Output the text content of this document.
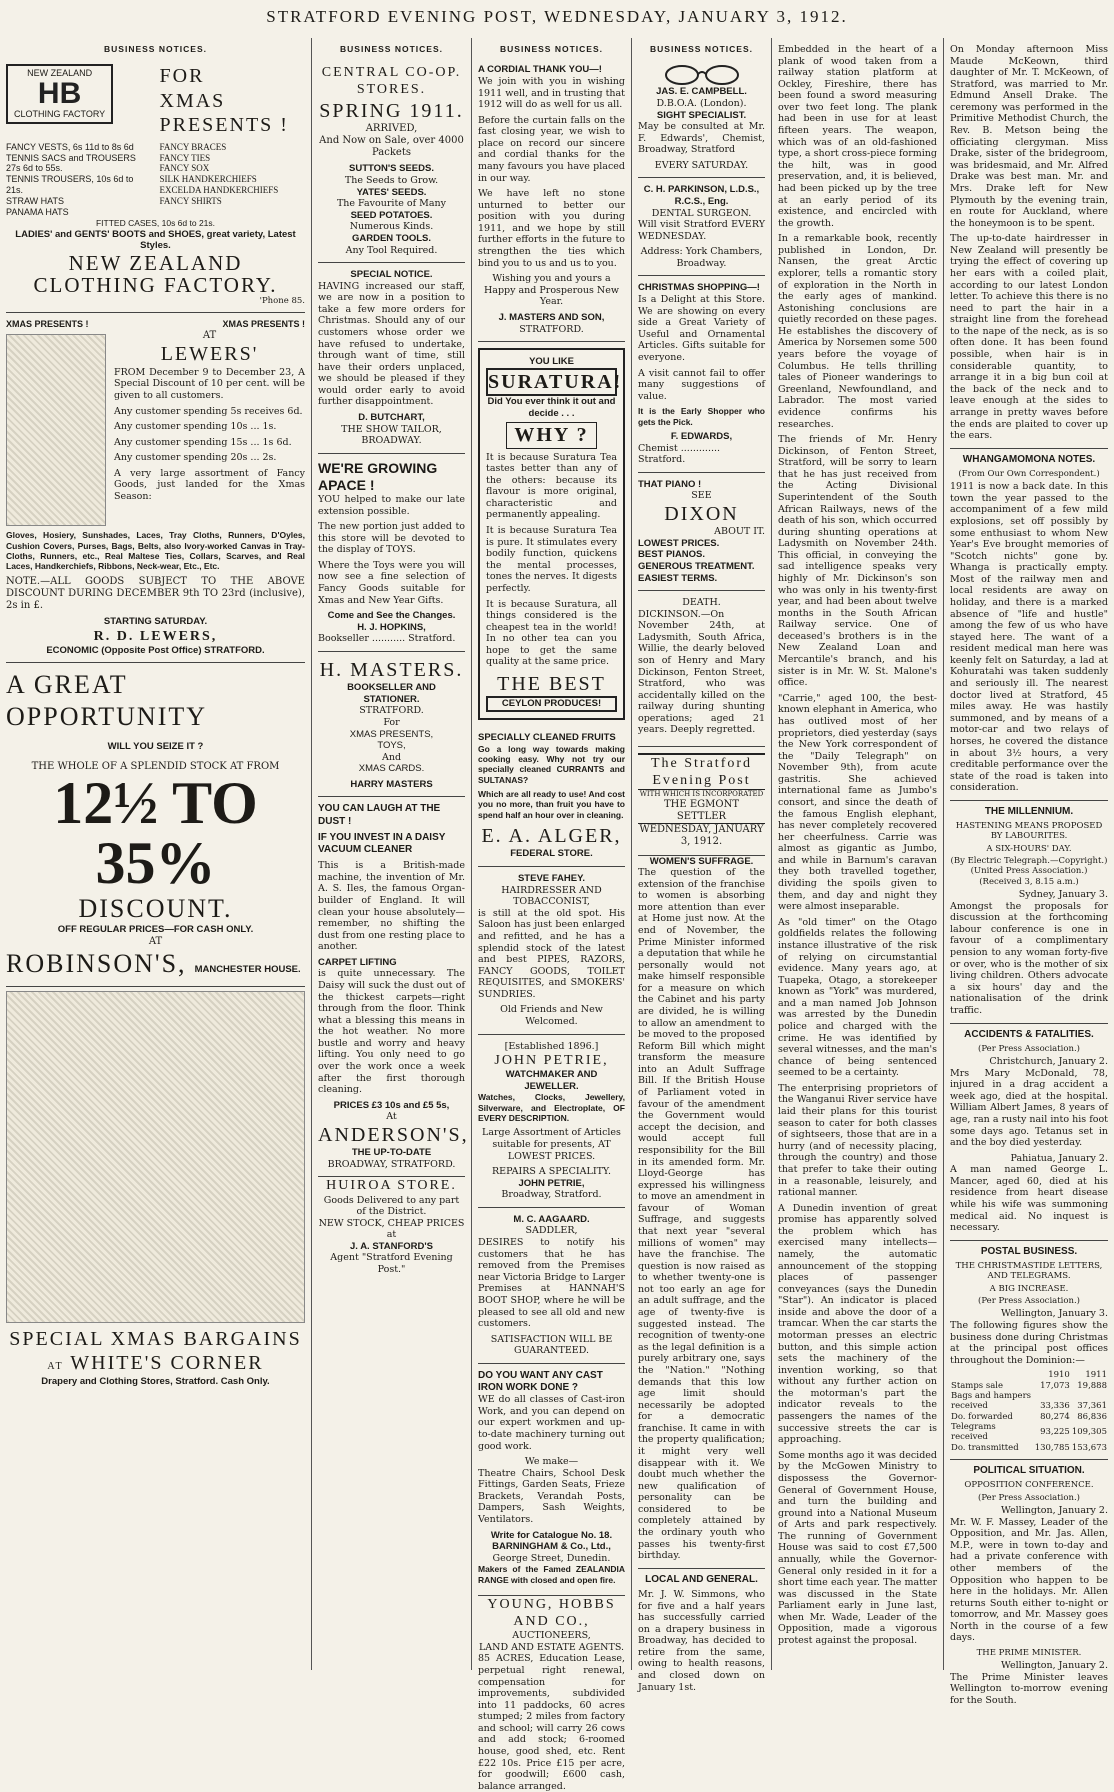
STRATFORD EVENING POST, WEDNESDAY, JANUARY 3, 1912.
BUSINESS NOTICES.
NEW ZEALAND
HB
CLOTHING FACTORY
FOR
XMAS
PRESENTS !
FANCY VESTS, 6s 11d to 8s 6d
TENNIS SACS and TROUSERS 27s 6d to 55s.
TENNIS TROUSERS, 10s 6d to 21s.
STRAW HATS
PANAMA HATS
FANCY BRACES
FANCY TIES
FANCY SOX
SILK HANDKERCHIEFS
EXCELDA HANDKERCHIEFS
FANCY SHIRTS
FITTED CASES, 10s 6d to 21s.
LADIES' and GENTS' BOOTS and SHOES, great variety, Latest Styles.
NEW ZEALAND CLOTHING FACTORY.
'Phone 85.
XMAS PRESENTS !	XMAS PRESENTS !
AT
LEWERS'

FROM December 9 to December 23, A Special Discount of 10 per cent. will be given to all customers.

Any customer spending 5s receives 6d.

Any customer spending 10s ... 1s.

Any customer spending 15s ... 1s 6d.

Any customer spending 20s ... 2s.

A very large assortment of Fancy Goods, just landed for the Xmas Season:

Gloves, Hosiery, Sunshades, Laces, Tray Cloths, Runners, D'Oyles, Cushion Covers, Purses, Bags, Belts, also Ivory-worked Canvas in Tray-Cloths, Runners, etc., Real Maltese Ties, Collars, Scarves, and Real Laces, Handkerchiefs, Ribbons, Neck-wear, Etc., Etc.

NOTE.—ALL GOODS SUBJECT TO THE ABOVE DISCOUNT DURING DECEMBER 9th TO 23rd (inclusive), 2s in £.

STARTING SATURDAY.
R. D. LEWERS,
ECONOMIC (Opposite Post Office) STRATFORD.
A GREAT
OPPORTUNITY
WILL YOU SEIZE IT ?
THE WHOLE OF A SPLENDID STOCK AT FROM
12½ TO 35%
DISCOUNT.
OFF REGULAR PRICES—FOR CASH ONLY.
AT
ROBINSON'S, MANCHESTER HOUSE.
SPECIAL XMAS BARGAINS
AT WHITE'S CORNER
Drapery and Clothing Stores, Stratford. Cash Only.
BUSINESS NOTICES.
CENTRAL CO-OP. STORES.
SPRING 1911.
ARRIVED,
And Now on Sale, over 4000 Packets
SUTTON'S SEEDS.
The Seeds to Grow.
YATES' SEEDS.
The Favourite of Many
SEED POTATOES.
Numerous Kinds.
GARDEN TOOLS.
Any Tool Required.
SPECIAL NOTICE.

HAVING increased our staff, we are now in a position to take a few more orders for Christmas. Should any of our customers whose order we have refused to undertake, through want of time, still have their orders unplaced, we should be pleased if they would order early to avoid further disappointment.

D. BUTCHART,
THE SHOW TAILOR,
BROADWAY.
WE'RE GROWING
APACE !

YOU helped to make our late extension possible.

The new portion just added to this store will be devoted to the display of TOYS.

Where the Toys were you will now see a fine selection of Fancy Goods suitable for Xmas and New Year Gifts.

Come and See the Changes.
H. J. HOPKINS,
Bookseller ........... Stratford.
H. MASTERS.
BOOKSELLER AND STATIONER.
STRATFORD.
For
XMAS PRESENTS,
TOYS,
And
XMAS CARDS.
HARRY MASTERS
YOU CAN LAUGH AT THE DUST !
IF YOU INVEST IN A DAISY VACUUM CLEANER

This is a British-made machine, the invention of Mr. A. S. Iles, the famous Organ-builder of England. It will clean your house absolutely—remember, no shifting the dust from one resting place to another.

CARPET LIFTING

is quite unnecessary. The Daisy will suck the dust out of the thickest carpets—right through from the floor. Think what a blessing this means in the hot weather. No more bustle and worry and heavy lifting. You only need to go over the work once a week after the first thorough cleaning.

PRICES £3 10s and £5 5s,
At
ANDERSON'S,
THE UP-TO-DATE
BROADWAY, STRATFORD.
HUIROA STORE.
Goods Delivered to any part of the District.
NEW STOCK, CHEAP PRICES at
J. A. STANFORD'S
Agent "Stratford Evening Post."
BUSINESS NOTICES.
A CORDIAL THANK YOU—!

We join with you in wishing 1911 well, and in trusting that 1912 will do as well for us all.

Before the curtain falls on the fast closing year, we wish to place on record our sincere and cordial thanks for the many favours you have placed in our way.

We have left no stone unturned to better our position with you during 1911, and we hope by still further efforts in the future to strengthen the ties which bind you to us and us to you.

Wishing you and yours a Happy and Prosperous New Year.

J. MASTERS AND SON,
STRATFORD.
YOU LIKE
SURATURA!
Did You ever think it out and decide . . .
WHY ?

It is because Suratura Tea tastes better than any of the others: because its flavour is more original, characteristic and permanently appealing.

It is because Suratura Tea is pure. It stimulates every bodily function, quickens the mental processes, tones the nerves. It digests perfectly.

It is because Suratura, all things considered is the cheapest tea in the world! In no other tea can you hope to get the same quality at the same price.

THE BEST
CEYLON PRODUCES!
SPECIALLY CLEANED FRUITS

Go a long way towards making cooking easy. Why not try our specially cleaned CURRANTS and SULTANAS?

Which are all ready to use! And cost you no more, than fruit you have to spend half an hour over in cleaning.

E. A. ALGER,
FEDERAL STORE.
STEVE FAHEY.
HAIRDRESSER AND TOBACCONIST,

is still at the old spot. His Saloon has just been enlarged and refitted, and he has a splendid stock of the latest and best PIPES, RAZORS, FANCY GOODS, TOILET REQUISITES, and SMOKERS' SUNDRIES.

Old Friends and New Welcomed.
[Established 1896.]
JOHN PETRIE,
WATCHMAKER AND JEWELLER.

Watches, Clocks, Jewellery, Silverware, and Electroplate, OF EVERY DESCRIPTION.

Large Assortment of Articles suitable for presents, AT LOWEST PRICES.

REPAIRS A SPECIALITY.
JOHN PETRIE,
Broadway, Stratford.
M. C. AAGAARD.
SADDLER,

DESIRES to notify his customers that he has removed from the Premises near Victoria Bridge to Larger Premises at HANNAH'S BOOT SHOP, where he will be pleased to see all old and new customers.

SATISFACTION WILL BE GUARANTEED.
DO YOU WANT ANY CAST IRON WORK DONE ?

WE do all classes of Cast-iron Work, and you can depend on our expert workmen and up-to-date machinery turning out good work.

We make—

Theatre Chairs, School Desk Fittings, Garden Seats, Frieze Brackets, Verandah Posts, Dampers, Sash Weights, Ventilators.

Write for Catalogue No. 18.
BARNINGHAM & Co., Ltd.,
George Street, Dunedin.

Makers of the Famed ZEALANDIA RANGE with closed and open fire.

YOUNG, HOBBS AND CO.,
AUCTIONEERS,
LAND AND ESTATE AGENTS.

85 ACRES, Education Lease, perpetual right renewal, compensation for improvements, subdivided into 11 paddocks, 60 acres stumped; 2 miles from factory and school; will carry 26 cows and add stock; 6-roomed house, good shed, etc. Rent £22 10s. Price £15 per acre, for goodwill; £600 cash, balance arranged.

BUSINESS NOTICES.
JAS. E. CAMPBELL.
D.B.O.A. (London).
SIGHT SPECIALIST.

May be consulted at Mr. F. Edwards', Chemist, Broadway, Stratford

EVERY SATURDAY.
C. H. PARKINSON, L.D.S., R.C.S., Eng.
DENTAL SURGEON.

Will visit Stratford EVERY WEDNESDAY.

Address: York Chambers, Broadway.
CHRISTMAS SHOPPING—!

Is a Delight at this Store. We are showing on every side a Great Variety of Useful and Ornamental Articles. Gifts suitable for everyone.

A visit cannot fail to offer many suggestions of value.

It is the Early Shopper who gets the Pick.

F. EDWARDS,
Chemist ............. Stratford.
THAT PIANO !
SEE
DIXON
ABOUT IT.
LOWEST PRICES.
BEST PIANOS.
GENEROUS TREATMENT.
EASIEST TERMS.
DEATH.

DICKINSON.—On November 24th, at Ladysmith, South Africa, Willie, the dearly beloved son of Henry and Mary Dickinson, Fenton Street, Stratford, who was accidentally killed on the railway during shunting operations; aged 21 years. Deeply regretted.

The Stratford Evening Post
WITH WHICH IS INCORPORATED
THE EGMONT SETTLER
WEDNESDAY, JANUARY 3, 1912.
WOMEN'S SUFFRAGE.

The question of the extension of the franchise to women is absorbing more attention than ever at Home just now. At the end of November, the Prime Minister informed a deputation that while he personally would not make himself responsible for a measure on which the Cabinet and his party are divided, he is willing to allow an amendment to be moved to the proposed Reform Bill which might transform the measure into an Adult Suffrage Bill. If the British House of Parliament voted in favour of the amendment the Government would accept the decision, and would accept full responsibility for the Bill in its amended form. Mr. Lloyd-George has expressed his willingness to move an amendment in favour of Woman Suffrage, and suggests that next year "several millions of women" may have the franchise. The question is now raised as to whether twenty-one is not too early an age for an adult suffrage, and the age of twenty-five is suggested instead. The recognition of twenty-one as the legal definition is a purely arbitrary one, says the "Nation." "Nothing demands that this low age limit should necessarily be adopted for a democratic franchise. It came in with the property qualification; it might very well disappear with it. We doubt much whether the new qualification of personality can be considered to be completely attained by the ordinary youth who passes his twenty-first birthday.

LOCAL AND GENERAL.

Mr. J. W. Simmons, who for five and a half years has successfully carried on a drapery business in Broadway, has decided to retire from the same, owing to health reasons, and closed down on January 1st.

Embedded in the heart of a plank of wood taken from a railway station platform at Ockley, Fireshire, there has been found a sword measuring over two feet long. The plank had been in use for at least fifteen years. The weapon, which was of an old-fashioned type, a short cross-piece forming the hilt, was in good preservation, and, it is believed, had been picked up by the tree at an early period of its existence, and encircled with the growth.

In a remarkable book, recently published in London, Dr. Nansen, the great Arctic explorer, tells a romantic story of exploration in the North in the early ages of mankind. Astonishing conclusions are quietly recorded on these pages. He establishes the discovery of America by Norsemen some 500 years before the voyage of Columbus. He tells thrilling tales of Pioneer wanderings to Greenland, Newfoundland, and Labrador. The most varied evidence confirms his researches.

The friends of Mr. Henry Dickinson, of Fenton Street, Stratford, will be sorry to learn that he has just received from the Acting Divisional Superintendent of the South African Railways, news of the death of his son, which occurred during shunting operations at Ladysmith on November 24th. This official, in conveying the sad intelligence speaks very highly of Mr. Dickinson's son who was only in his twenty-first year, and had been about twelve months in the South African Railway service. One of deceased's brothers is in the New Zealand Loan and Mercantile's branch, and his sister is in Mr. W. St. Malone's office.

"Carrie," aged 100, the best-known elephant in America, who has outlived most of her proprietors, died yesterday (says the New York correspondent of the "Daily Telegraph" on November 9th), from acute gastritis. She achieved international fame as Jumbo's consort, and since the death of the famous English elephant, has never completely recovered her cheerfulness. Carrie was almost as gigantic as Jumbo, and while in Barnum's caravan they both travelled together, dividing the spoils given to them, and day and night they were almost inseparable.

As "old timer" on the Otago goldfields relates the following instance illustrative of the risk of relying on circumstantial evidence. Many years ago, at Tuapeka, Otago, a storekeeper known as "York" was murdered, and a man named Job Johnson was arrested by the Dunedin police and charged with the crime. He was identified by several witnesses, and the man's chance of being sentenced seemed to be a certainty.

The enterprising proprietors of the Wanganui River service have laid their plans for this tourist season to cater for both classes of sightseers, those that are in a hurry (and of necessity placing, through the country) and those that prefer to take their outing in a reasonable, leisurely, and rational manner.

A Dunedin invention of great promise has apparently solved the problem which has exercised many intellects—namely, the automatic announcement of the stopping places of passenger conveyances (says the Dunedin "Star"). An indicator is placed inside and above the door of a tramcar. When the car starts the motorman presses an electric button, and this simple action sets the machinery of the invention working, so that without any further action on the motorman's part the indicator reveals to the passengers the names of the successive streets the car is approaching.

Some months ago it was decided by the McGowen Ministry to dispossess the Governor-General of Government House, and turn the building and ground into a National Museum of Arts and park respectively. The running of Government House was said to cost £7,500 annually, while the Governor-General only resided in it for a short time each year. The matter was discussed in the State Parliament early in June last, when Mr. Wade, Leader of the Opposition, made a vigorous protest against the proposal.

On Monday afternoon Miss Maude McKeown, third daughter of Mr. T. McKeown, of Stratford, was married to Mr. Edmund Ansell Drake. The ceremony was performed in the Primitive Methodist Church, the Rev. B. Metson being the officiating clergyman. Miss Drake, sister of the bridegroom, was bridesmaid, and Mr. Alfred Drake was best man. Mr. and Mrs. Drake left for New Plymouth by the evening train, en route for Auckland, where the honeymoon is to be spent.

The up-to-date hairdresser in New Zealand will presently be trying the effect of covering up her ears with a coiled plait, according to our latest London letter. To achieve this there is no need to part the hair in a straight line from the forehead to the nape of the neck, as is so often done. It has been found possible, when hair is in considerable quantity, to arrange it in a big bun coil at the back of the neck and to leave enough at the sides to arrange in pretty waves before the ends are plaited to cover up the ears.

WHANGAMOMONA NOTES.
(From Our Own Correspondent.)

1911 is now a back date. In this town the year passed to the accompaniment of a few mild explosions, set off possibly by some enthusiast to whom New Year's Eve brought memories of "Scotch nichts" gone by. Whanga is practically empty. Most of the railway men and local residents are away on holiday, and there is a marked absence of "life and hustle" among the few of us who have stayed here. The want of a resident medical man here was keenly felt on Saturday, a lad at Kohuratahi was taken suddenly and seriously ill. The nearest doctor lived at Stratford, 45 miles away. He was hastily summoned, and by means of a motor-car and two relays of horses, he covered the distance in about 3½ hours, a very creditable performance over the state of the road is taken into consideration.

THE MILLENNIUM.
HASTENING MEANS PROPOSED BY LABOURITES.
A SIX-HOURS' DAY.
(By Electric Telegraph.—Copyright.) (United Press Association.) (Received 3, 8.15 a.m.)
Sydney, January 3.

Amongst the proposals for discussion at the forthcoming labour conference is one in favour of a complimentary pension to any woman forty-five or over, who is the mother of six living children. Others advocate a six hours' day and the nationalisation of the drink traffic.

ACCIDENTS & FATALITIES.
(Per Press Association.)
Christchurch, January 2.

Mrs Mary McDonald, 78, injured in a drag accident a week ago, died at the hospital. William Albert James, 8 years of age, ran a rusty nail into his foot some days ago. Tetanus set in and the boy died yesterday.

Pahiatua, January 2.

A man named George L. Mancer, aged 60, died at his residence from heart disease while his wife was summoning medical aid. No inquest is necessary.

POSTAL BUSINESS.
THE CHRISTMASTIDE LETTERS, AND TELEGRAMS.
A BIG INCREASE.
(Per Press Association.)
Wellington, January 3.

The following figures show the business done during Christmas at the principal post offices throughout the Dominion:—

	1910	1911
Stamps sale	17,073	19,888
Bags and hampers		
received	33,336	37,361
Do. forwarded	80,274	86,836
Telegrams received	93,225	109,305
Do. transmitted	130,785	153,673
POLITICAL SITUATION.
OPPOSITION CONFERENCE.
(Per Press Association.)
Wellington, January 2.

Mr. W. F. Massey, Leader of the Opposition, and Mr. Jas. Allen, M.P., were in town to-day and had a private conference with other members of the Opposition who happen to be here in the holidays. Mr. Allen returns South either to-night or tomorrow, and Mr. Massey goes North in the course of a few days.

THE PRIME MINISTER.
Wellington, January 2.

The Prime Minister leaves Wellington to-morrow evening for the South.
